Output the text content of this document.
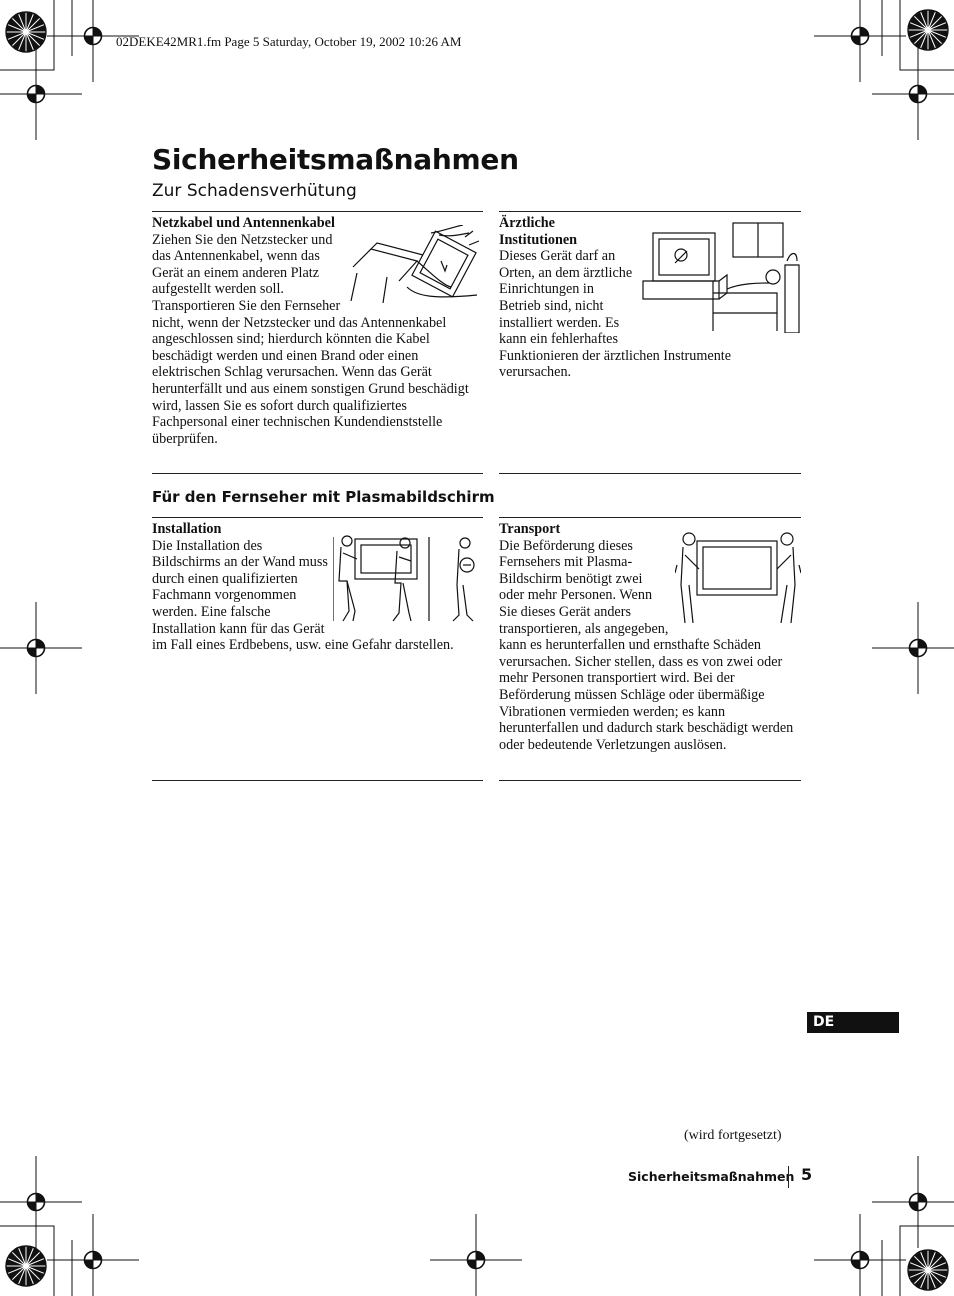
02DEKE42MR1.fm Page 5 Saturday, October 19, 2002 10:26 AM
Sicherheitsmaßnahmen
Zur Schadensverhütung
Netzkabel und Antennenkabel

Ziehen Sie den Netzstecker und das Antennenkabel, wenn das Gerät an einem anderen Platz aufgestellt werden soll. Transportieren Sie den Fernseher nicht, wenn der Netzstecker und das Antennenkabel angeschlossen sind; hierdurch könnten die Kabel beschädigt werden und einen Brand oder einen elektrischen Schlag verursachen. Wenn das Gerät herunterfällt und aus einem sonstigen Grund beschädigt wird, lassen Sie es sofort durch qualifiziertes Fachpersonal einer technischen Kundendienststelle überprüfen.

Ärztliche Institutionen

Dieses Gerät darf an Orten, an dem ärztliche Einrichtungen in Betrieb sind, nicht installiert werden. Es kann ein fehlerhaftes Funktionieren der ärztlichen Instrumente verursachen.

Für den Fernseher mit Plasmabildschirm
Installation

Die Installation des Bildschirms an der Wand muss durch einen qualifizierten Fachmann vorgenommen werden. Eine falsche Installation kann für das Gerät im Fall eines Erdbebens, usw. eine Gefahr darstellen.

Transport

Die Beförderung dieses Fernsehers mit Plasma-Bildschirm benötigt zwei oder mehr Personen. Wenn Sie dieses Gerät anders transportieren, als angegeben, kann es herunterfallen und ernsthafte Schäden verursachen. Sicher stellen, dass es von zwei oder mehr Personen transportiert wird. Bei der Beförderung müssen Schläge oder übermäßige Vibrationen vermieden werden; es kann herunterfallen und dadurch stark beschädigt werden oder bedeutende Verletzungen auslösen.

DE
(wird fortgesetzt)
Sicherheitsmaßnahmen 5
